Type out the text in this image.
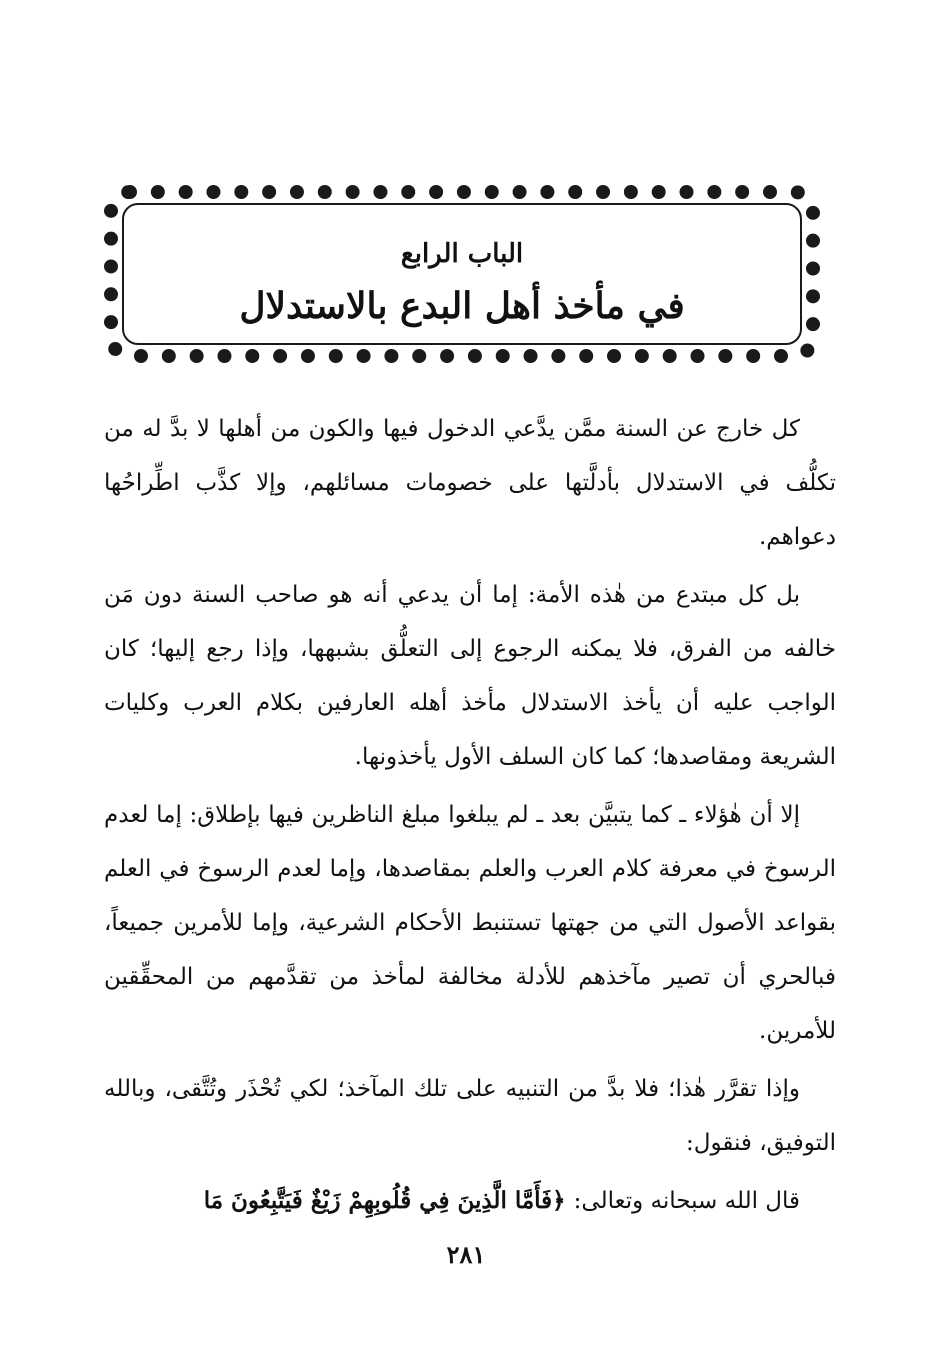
الباب الرابع
في مأخذ أهل البدع بالاستدلال

كل خارج عن السنة ممَّن يدَّعي الدخول فيها والكون من أهلها لا بدَّ له من تكلُّف في الاستدلال بأدلَّتها على خصومات مسائلهم، وإلا كذَّب اطِّراحُها دعواهم.

بل كل مبتدع من هٰذه الأمة: إما أن يدعي أنه هو صاحب السنة دون مَن خالفه من الفرق، فلا يمكنه الرجوع إلى التعلُّق بشبهها، وإذا رجع إليها؛ كان الواجب عليه أن يأخذ الاستدلال مأخذ أهله العارفين بكلام العرب وكليات الشريعة ومقاصدها؛ كما كان السلف الأول يأخذونها.

إلا أن هٰؤلاء ـ كما يتبيَّن بعد ـ لم يبلغوا مبلغ الناظرين فيها بإطلاق: إما لعدم الرسوخ في معرفة كلام العرب والعلم بمقاصدها، وإما لعدم الرسوخ في العلم بقواعد الأصول التي من جهتها تستنبط الأحكام الشرعية، وإما للأمرين جميعاً، فبالحري أن تصير مآخذهم للأدلة مخالفة لمأخذ من تقدَّمهم من المحقِّقين للأمرين.

وإذا تقرَّر هٰذا؛ فلا بدَّ من التنبيه على تلك المآخذ؛ لكي تُحْذَر وتُتَّقى، وبالله التوفيق، فنقول:

قال الله سبحانه وتعالى: ﴿فَأَمَّا الَّذِينَ فِي قُلُوبِهِمْ زَيْغٌ فَيَتَّبِعُونَ مَا

٢٨١
